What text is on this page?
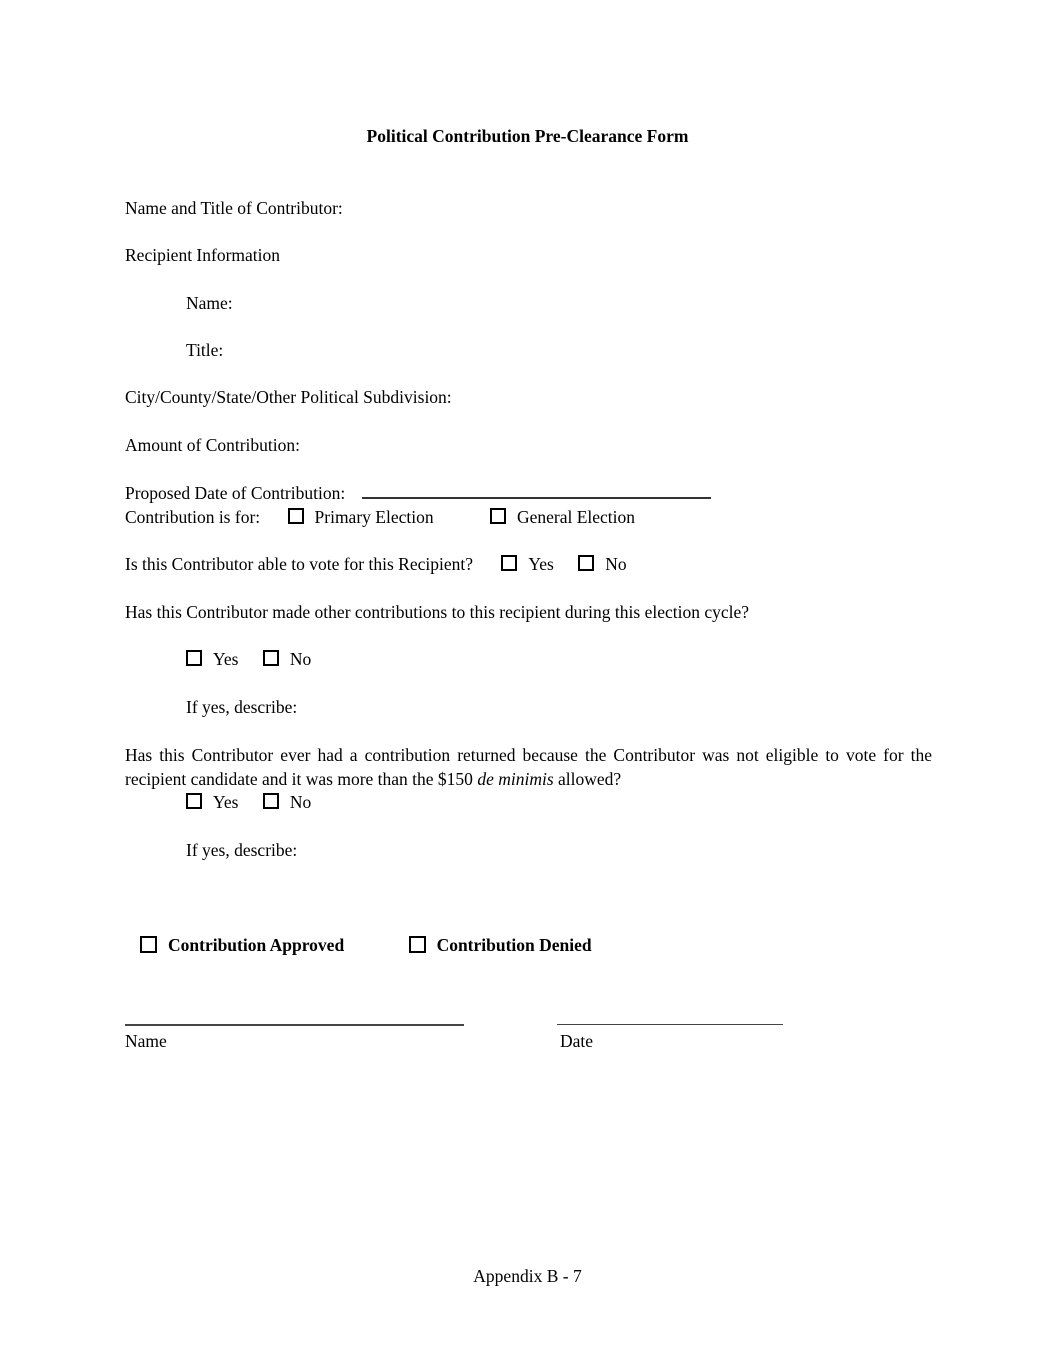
Political Contribution Pre-Clearance Form
Name and Title of Contributor:
Recipient Information
Name:
Title:
City/County/State/Other Political Subdivision:
Amount of Contribution:
Proposed Date of Contribution:
Contribution is for:	Primary Election	General Election
Is this Contributor able to vote for this Recipient?	Yes	No
Has this Contributor made other contributions to this recipient during this election cycle?
Yes	No
If yes, describe:
Has this Contributor ever had a contribution returned because the Contributor was not eligible to vote for the recipient candidate and it was more than the $150 de minimis allowed?
Yes	No
If yes, describe:
Contribution Approved	Contribution Denied
Name	Date
Appendix B - 7
